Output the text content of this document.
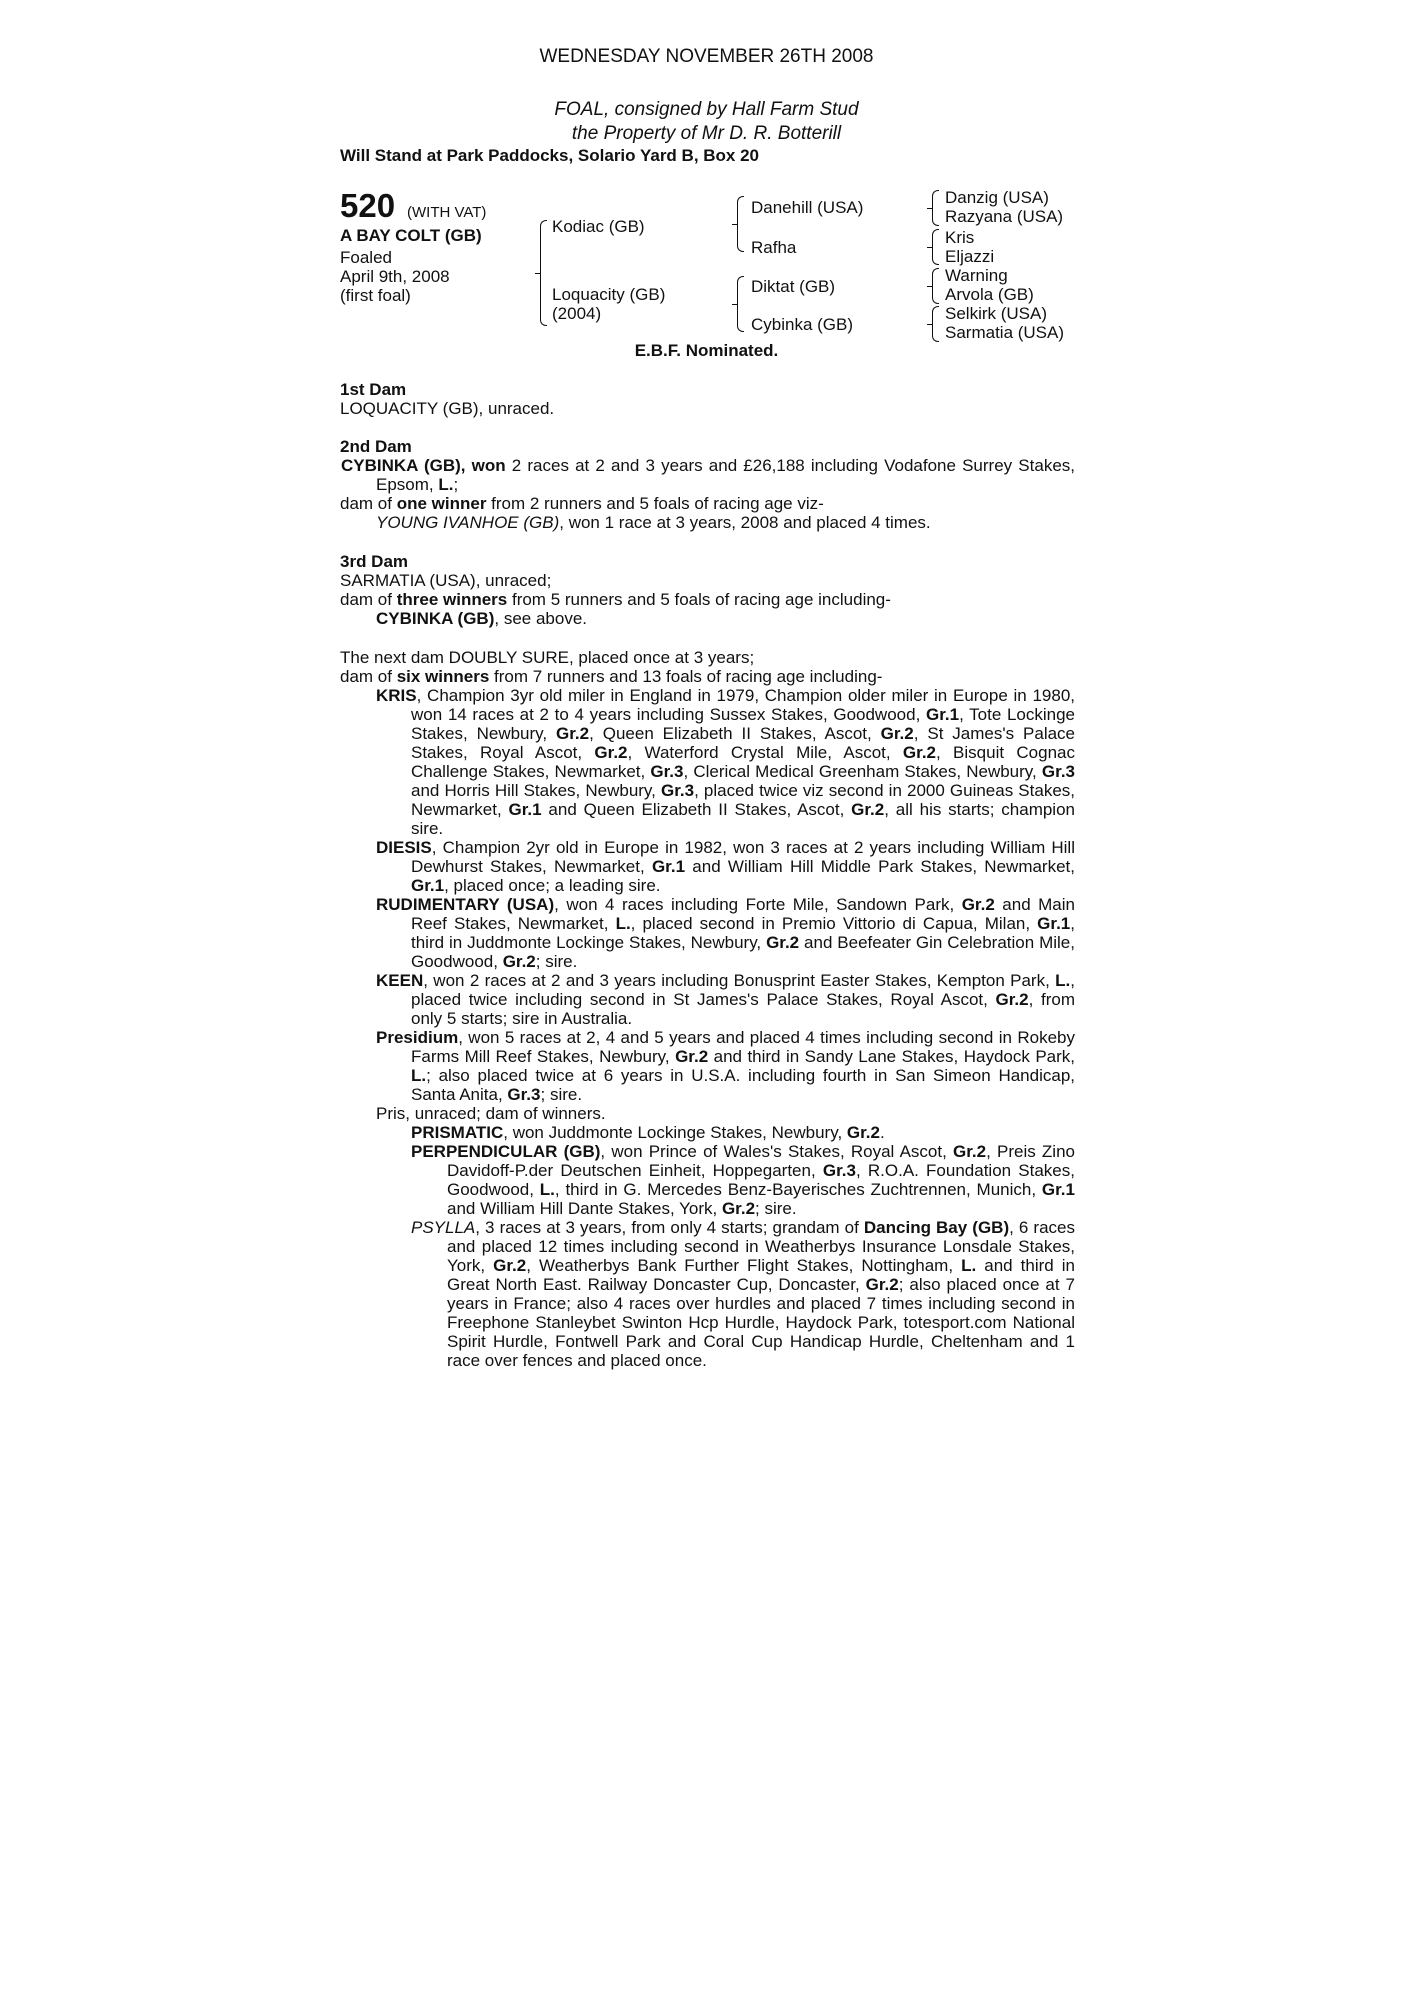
WEDNESDAY NOVEMBER 26TH 2008
FOAL, consigned by Hall Farm Stud
the Property of Mr D. R. Botterill
Will Stand at Park Paddocks, Solario Yard B, Box 20
520 (WITH VAT)
A BAY COLT (GB)
Foaled
April 9th, 2008
(first foal)
Kodiac (GB)
Loquacity (GB)
(2004)
Danehill (USA)
Rafha
Diktat (GB)
Cybinka (GB)
Danzig (USA)
Razyana (USA)
Kris
Eljazzi
Warning
Arvola (GB)
Selkirk (USA)
Sarmatia (USA)
E.B.F. Nominated.

1st Dam

LOQUACITY (GB), unraced.

2nd Dam

CYBINKA (GB), won 2 races at 2 and 3 years and £26,188 including Vodafone Surrey Stakes, Epsom, L.;

dam of one winner from 2 runners and 5 foals of racing age viz-

YOUNG IVANHOE (GB), won 1 race at 3 years, 2008 and placed 4 times.

3rd Dam

SARMATIA (USA), unraced;

dam of three winners from 5 runners and 5 foals of racing age including-

CYBINKA (GB), see above.

The next dam DOUBLY SURE, placed once at 3 years;

dam of six winners from 7 runners and 13 foals of racing age including-

KRIS, Champion 3yr old miler in England in 1979, Champion older miler in Europe in 1980, won 14 races at 2 to 4 years including Sussex Stakes, Goodwood, Gr.1, Tote Lockinge Stakes, Newbury, Gr.2, Queen Elizabeth II Stakes, Ascot, Gr.2, St James's Palace Stakes, Royal Ascot, Gr.2, Waterford Crystal Mile, Ascot, Gr.2, Bisquit Cognac Challenge Stakes, Newmarket, Gr.3, Clerical Medical Greenham Stakes, Newbury, Gr.3 and Horris Hill Stakes, Newbury, Gr.3, placed twice viz second in 2000 Guineas Stakes, Newmarket, Gr.1 and Queen Elizabeth II Stakes, Ascot, Gr.2, all his starts; champion sire.

DIESIS, Champion 2yr old in Europe in 1982, won 3 races at 2 years including William Hill Dewhurst Stakes, Newmarket, Gr.1 and William Hill Middle Park Stakes, Newmarket, Gr.1, placed once; a leading sire.

RUDIMENTARY (USA), won 4 races including Forte Mile, Sandown Park, Gr.2 and Main Reef Stakes, Newmarket, L., placed second in Premio Vittorio di Capua, Milan, Gr.1, third in Juddmonte Lockinge Stakes, Newbury, Gr.2 and Beefeater Gin Celebration Mile, Goodwood, Gr.2; sire.

KEEN, won 2 races at 2 and 3 years including Bonusprint Easter Stakes, Kempton Park, L., placed twice including second in St James's Palace Stakes, Royal Ascot, Gr.2, from only 5 starts; sire in Australia.

Presidium, won 5 races at 2, 4 and 5 years and placed 4 times including second in Rokeby Farms Mill Reef Stakes, Newbury, Gr.2 and third in Sandy Lane Stakes, Haydock Park, L.; also placed twice at 6 years in U.S.A. including fourth in San Simeon Handicap, Santa Anita, Gr.3; sire.

Pris, unraced; dam of winners.

PRISMATIC, won Juddmonte Lockinge Stakes, Newbury, Gr.2.

PERPENDICULAR (GB), won Prince of Wales's Stakes, Royal Ascot, Gr.2, Preis Zino Davidoff-P.der Deutschen Einheit, Hoppegarten, Gr.3, R.O.A. Foundation Stakes, Goodwood, L., third in G. Mercedes Benz-Bayerisches Zuchtrennen, Munich, Gr.1 and William Hill Dante Stakes, York, Gr.2; sire.

PSYLLA, 3 races at 3 years, from only 4 starts; grandam of Dancing Bay (GB), 6 races and placed 12 times including second in Weatherbys Insurance Lonsdale Stakes, York, Gr.2, Weatherbys Bank Further Flight Stakes, Nottingham, L. and third in Great North East. Railway Doncaster Cup, Doncaster, Gr.2; also placed once at 7 years in France; also 4 races over hurdles and placed 7 times including second in Freephone Stanleybet Swinton Hcp Hurdle, Haydock Park, totesport.com National Spirit Hurdle, Fontwell Park and Coral Cup Handicap Hurdle, Cheltenham and 1 race over fences and placed once.
